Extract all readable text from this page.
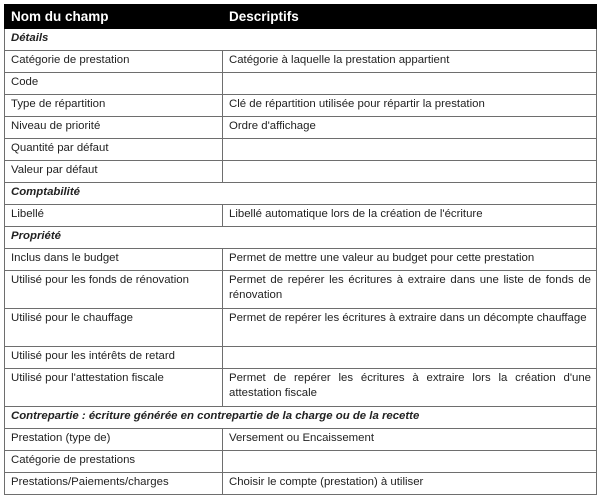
Nom du champ	Descriptifs
Détails	
Catégorie de prestation	Catégorie à laquelle la prestation appartient
Code	
Type de répartition	Clé de répartition utilisée pour répartir la prestation
Niveau de priorité	Ordre d'affichage
Quantité par défaut	
Valeur par défaut	
Comptabilité	
Libellé	Libellé automatique lors de la création de l'écriture
Propriété	
Inclus dans le budget	Permet de mettre une valeur au budget pour cette prestation
Utilisé pour les fonds de rénovation	Permet de repérer les écritures à extraire dans une liste de fonds de rénovation
Utilisé pour le chauffage	Permet de repérer les écritures à extraire dans un décompte chauffage
Utilisé pour les intérêts de retard	
Utilisé pour l'attestation fiscale	Permet de repérer les écritures à extraire lors la création d'une attestation fiscale
Contrepartie : écriture générée en contrepartie de la charge ou de la recette	
Prestation (type de)	Versement ou Encaissement
Catégorie de prestations	
Prestations/Paiements/charges	Choisir le compte (prestation) à utiliser
